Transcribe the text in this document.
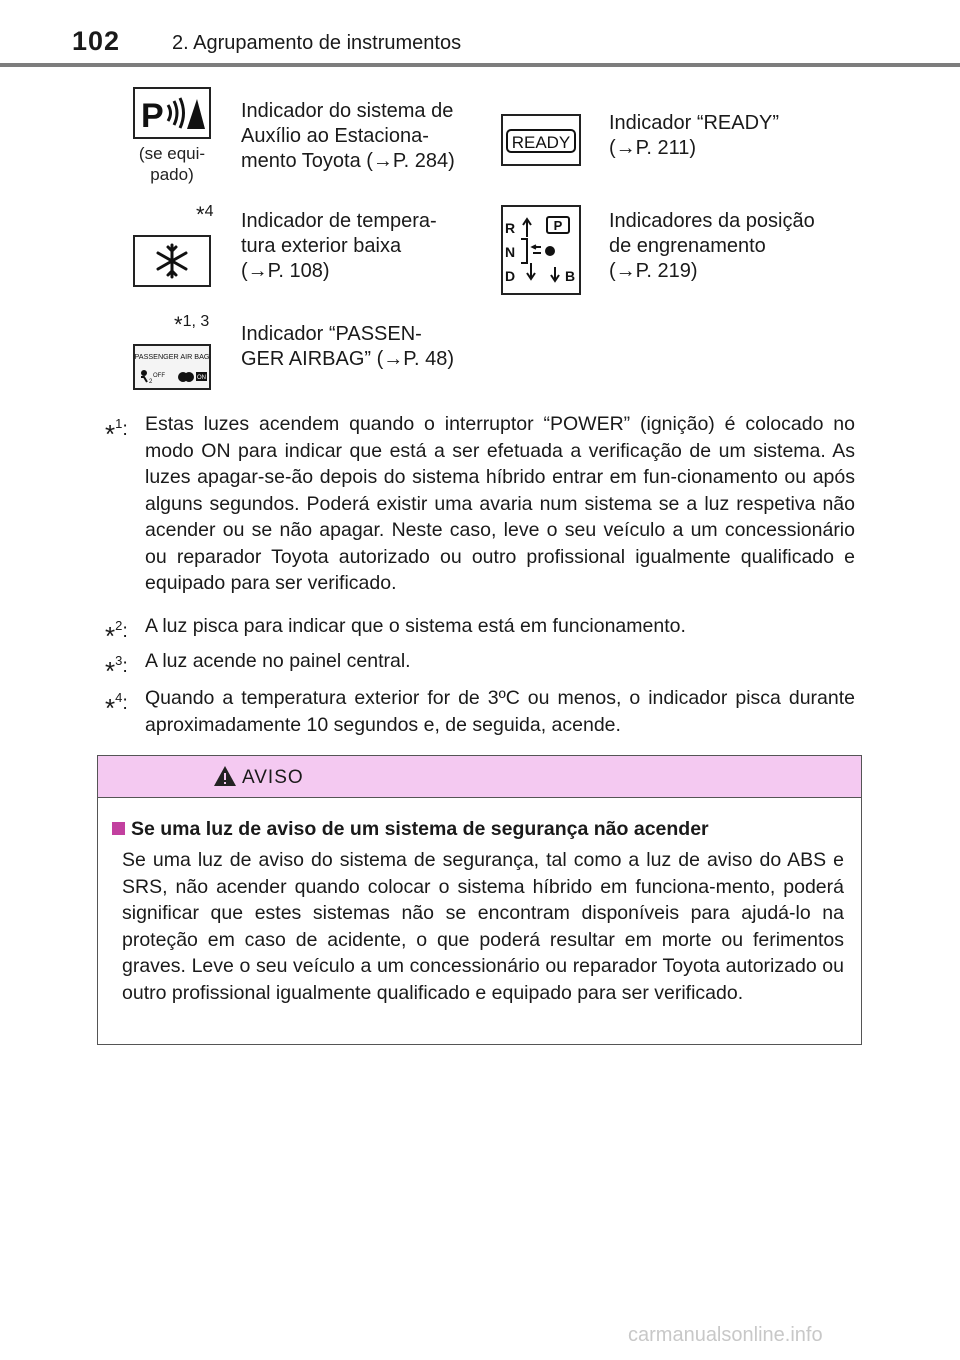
102	2. Agrupamento de instrumentos
P
(se equi-
pado)
Indicador do sistema de
Auxílio ao Estaciona-
mento Toyota (→P. 284)
READY
Indicador “READY”
(→P. 211)
*4 Indicador de tempera-
tura exterior baixa
(→P. 108)
R
N
D
P
B
Indicadores da posição
de engrenamento
(→P. 219)
*1, 3
PASSENGER AIR BAG
2
OFF	ON
Indicador “PASSEN-
GER AIRBAG” (→P. 48)
*$^1$: Estas luzes acendem quando o interruptor “POWER” (ignição) é colocado no modo ON para indicar que está a ser efetuada a verificação de um sistema. As luzes apagar-se-ão depois do sistema híbrido entrar em fun-cionamento ou após alguns segundos. Poderá existir uma avaria num sistema se a luz respetiva não acender ou se não apagar. Neste caso, leve o seu veículo a um concessionário ou reparador Toyota autorizado ou outro profissional igualmente qualificado e equipado para ser verificado.
*$^2$: A luz pisca para indicar que o sistema está em funcionamento.
*$^3$: A luz acende no painel central.
*$^4$: Quando a temperatura exterior for de 3ºC ou menos, o indicador pisca durante aproximadamente 10 segundos e, de seguida, acende.
AVISO
Se uma luz de aviso de um sistema de segurança não acender
Se uma luz de aviso do sistema de segurança, tal como a luz de aviso do ABS e SRS, não acender quando colocar o sistema híbrido em funciona-mento, poderá significar que estes sistemas não se encontram disponíveis para ajudá-lo na proteção em caso de acidente, o que poderá resultar em morte ou ferimentos graves. Leve o seu veículo a um concessionário ou reparador Toyota autorizado ou outro profissional igualmente qualificado e equipado para ser verificado.
carmanualsonline.info
